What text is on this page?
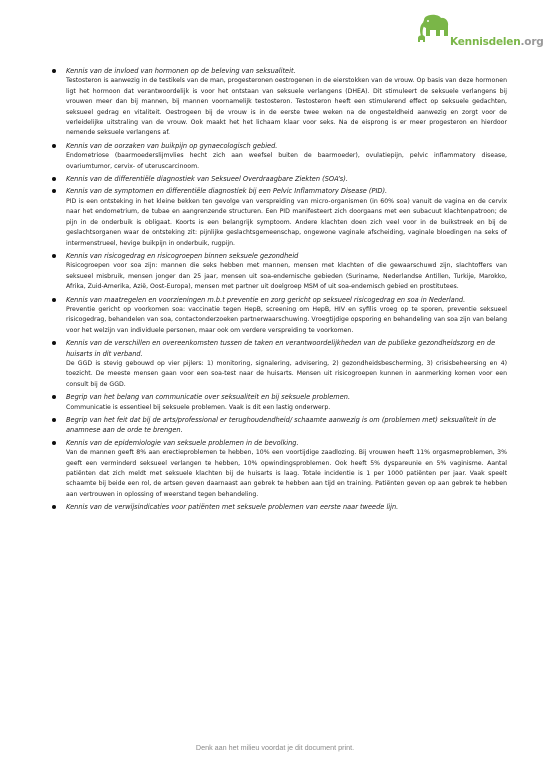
Kennisdelen.org
Kennis van de invloed van hormonen op de beleving van seksualiteit.
Testosteron is aanwezig in de testikels van de man, progesteronen oestrogenen in de eierstokken van de vrouw. Op basis van deze hormonen ligt het hormoon dat verantwoordelijk is voor het ontstaan van seksuele verlangens (DHEA). Dit stimuleert de seksuele verlangens bij vrouwen meer dan bij mannen, bij mannen voornamelijk testosteron. Testosteron heeft een stimulerend effect op seksuele gedachten, seksueel gedrag en vitaliteit. Oestrogeen bij de vrouw is in de eerste twee weken na de ongesteldheid aanwezig en zorgt voor de verleidelijke uitstraling van de vrouw. Ook maakt het het lichaam klaar voor seks. Na de eisprong is er meer progesteron en hierdoor nemende seksuele verlangens af.
Kennis van de oorzaken van buikpijn op gynaecologisch gebied.
Endometriose (baarmoederslijmvlies hecht zich aan weefsel buiten de baarmoeder), ovulatiepijn, pelvic inflammatory disease, ovariumtumor, cervix- of uteruscarcinoom.
Kennis van de differentiële diagnostiek van Seksueel Overdraagbare Ziekten (SOA’s).
Kennis van de symptomen en differentiële diagnostiek bij een Pelvic Inflammatory Disease (PID).
PID is een ontsteking in het kleine bekken ten gevolge van verspreiding van micro-organismen (in 60% soa) vanuit de vagina en de cervix naar het endometrium, de tubae en aangrenzende structuren. Een PID manifesteert zich doorgaans met een subacuut klachtenpatroon; de pijn in de onderbuik is obligaat. Koorts is een belangrijk symptoom. Andere klachten doen zich veel voor in de buikstreek en bij de geslachtsorganen waar de ontsteking zit: pijnlijke geslachtsgemeenschap, ongewone vaginale afscheiding, vaginale bloedingen na seks of intermenstrueel, hevige buikpijn in onderbuik, rugpijn.
Kennis van risicogedrag en risicogroepen binnen seksuele gezondheid
Risicogroepen voor soa zijn: mannen die seks hebben met mannen, mensen met klachten of die gewaarschuwd zijn, slachtoffers van seksueel misbruik, mensen jonger dan 25 jaar, mensen uit soa-endemische gebieden (Suriname, Nederlandse Antillen, Turkije, Marokko, Afrika, Zuid-Amerika, Azië, Oost-Europa), mensen met partner uit doelgroep MSM of uit soa-endemisch gebied en prostitutees.
Kennis van maatregelen en voorzieningen m.b.t preventie en zorg gericht op seksueel risicogedrag en soa in Nederland.
Preventie gericht op voorkomen soa: vaccinatie tegen HepB, screening om HepB, HIV en syfilis vroeg op te sporen, preventie seksueel risicogedrag, behandelen van soa, contactonderzoeken partnerwaarschuwing. Vroegtijdige opsporing en behandeling van soa zijn van belang voor het welzijn van individuele personen, maar ook om verdere verspreiding te voorkomen.
Kennis van de verschillen en overeenkomsten tussen de taken en verantwoordelijkheden van de publieke gezondheidszorg en de huisarts in dit verband.
De GGD is stevig gebouwd op vier pijlers: 1) monitoring, signalering, advisering, 2) gezondheidsbescherming, 3) crisisbeheersing en 4) toezicht. De meeste mensen gaan voor een soa-test naar de huisarts. Mensen uit risicogroepen kunnen in aanmerking komen voor een consult bij de GGD.
Begrip van het belang van communicatie over seksualiteit en bij seksuele problemen.
Communicatie is essentieel bij seksuele problemen. Vaak is dit een lastig onderwerp.
Begrip van het feit dat bij de arts/professional er terughoudendheid/ schaamte aanwezig is om (problemen met) seksualiteit in de anamnese aan de orde te brengen.
Kennis van de epidemiologie van seksuele problemen in de bevolking.
Van de mannen geeft 8% aan erectieproblemen te hebben, 10% een voortijdige zaadlozing. Bij vrouwen heeft 11% orgasmeproblemen, 3% geeft een verminderd seksueel verlangen te hebben, 10% opwindingsproblemen. Ook heeft 5% dyspareunie en 5% vaginisme. Aantal patiënten dat zich meldt met seksuele klachten bij de huisarts is laag. Totale incidentie is 1 per 1000 patiënten per jaar. Vaak speelt schaamte bij beide een rol, de artsen geven daarnaast aan gebrek te hebben aan tijd en training. Patiënten geven op aan gebrek te hebben aan vertrouwen in oplossing of weerstand tegen behandeling.
Kennis van de verwijsindicaties voor patiënten met seksuele problemen van eerste naar tweede lijn.
Denk aan het milieu voordat je dit document print.
